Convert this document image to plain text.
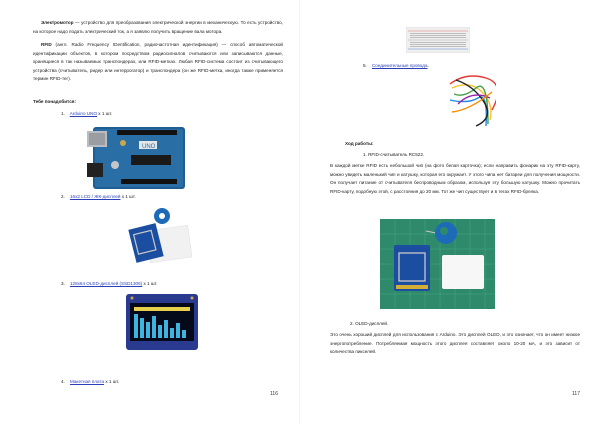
Электромотор — устройство для преобразования электрической энергии в механическую. То есть устройство, на которое надо подать электрический ток, а я заявлю получить вращение вала мотора.
RFID (англ. Radio Frequency IDentification, радиочастотная идентификация) — способ автоматической идентификации объектов, в котором посредством радиосигналов считываются или записываются данные, хранящиеся в так называемых транспондерах, или RFID-метках. Любая RFID-система состоит из считывающего устройства (считыватель, ридер или интеррогатор) и транспондера (он же RFID-метка, иногда также применяется термин RFID-тег).
Тебе понадобится:
1. Arduino UNO x 1 шт.
UNO
2. 16x2 LCD / ЖК-дисплей x 1 шт.
3. 128x64 OLED-дисплей (SSD1306) x 1 шт.
4. Макетная плата x 1 шт.
116
5. Соединительные провода.
Ход работы:
1. RFID-считыватель RC522.
В каждой метке RFID есть небольшой чип (на фото белая карточка); если направить фонарик на эту RFID-карту, можно увидеть маленький чип и катушку, которая его окружает. У этого чипа нет батареи для получения мощности. Он получает питание от считывателя беспроводным образом, используя эту большую катушку. Можно прочитать RFID-карту, подобную этой, с расстояния до 20 мм. Тот же чип существует и в тегах RFID-брелка.
2. OLED-дисплей.
Это очень хороший дисплей для использования с Arduino. Это дисплей OLED, и это означает, что он имеет низкое энергопотребление. Потребляемая мощность этого дисплея составляет около 10-20 мА, и это зависит от количества пикселей.
117
